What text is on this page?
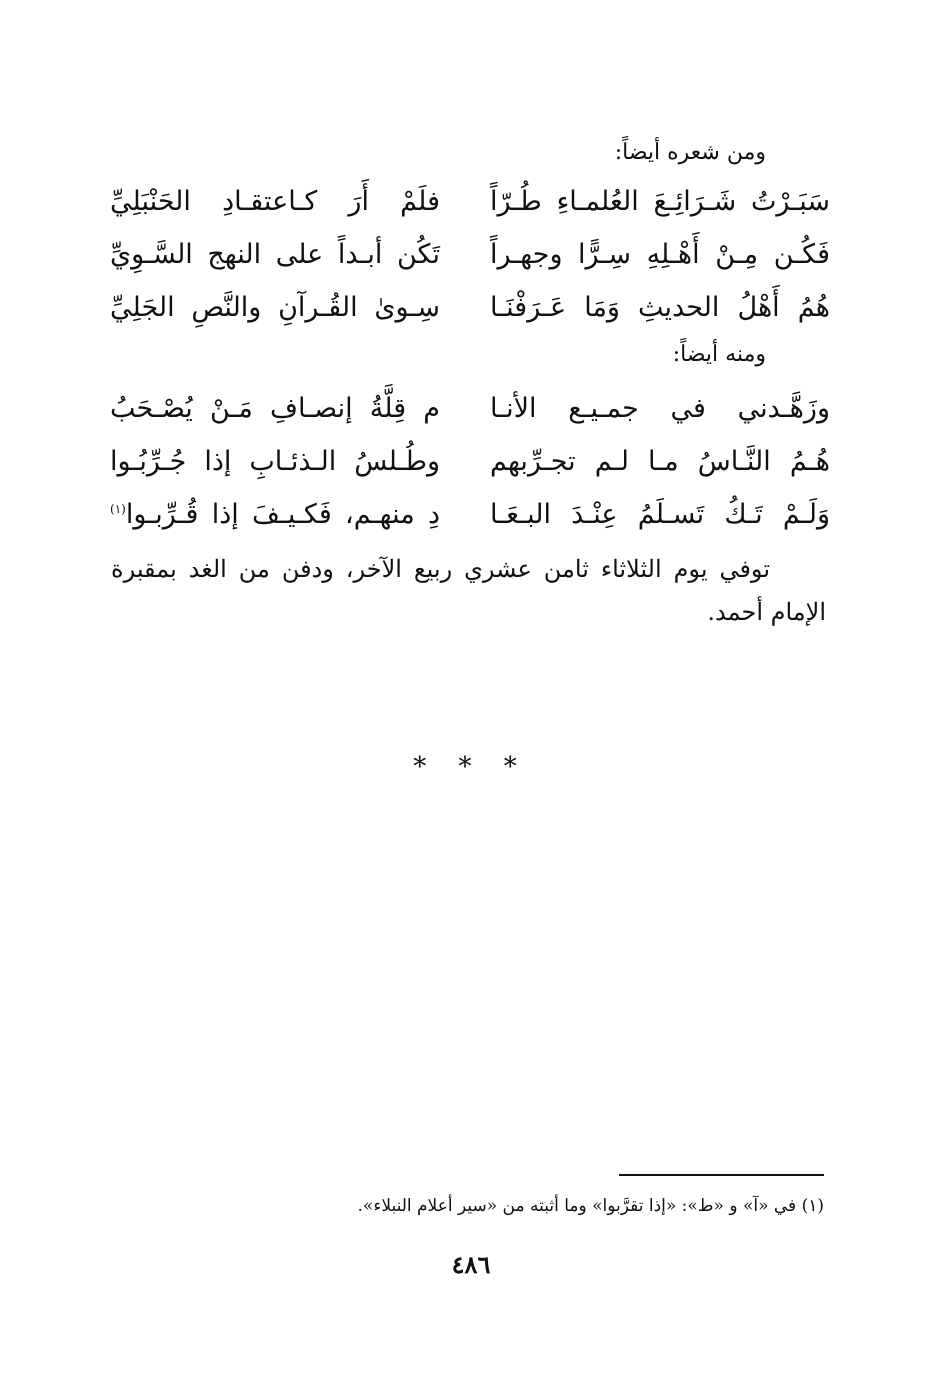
ومن شعره أيضاً:
سَبَـرْتُ شَـرَائِـعَ العُلمـاءِ طُـرّاً
فلَمْ أَرَ كـاعتقـادِ الحَنْبَلِيِّ
فَكُـن مِـنْ أَهْـلِهِ سِـرًّا وجهـراً
تَكُن أبـداً على النهج السَّـوِيِّ
هُمُ أَهْلُ الحديثِ وَمَا عَـرَفْنَـا
سِـوىٰ القُـرآنِ والنَّصِ الجَلِيِّ
ومنه أيضاً:
وزَهَّـدني في جمـيـع الأنـا
م قِلَّةُ إنصـافِ مَـنْ يُصْـحَبُ
هُـمُ النَّـاسُ مـا لـم تجـرِّبهم
وطُـلسُ الـذئـابِ إذا جُـرِّبُـوا
وَلَـمْ تَـكُ تَسـلَمُ عِنْـدَ البـعَـا
دِ منهـم، فَكـيـفَ إذا قُـرِّبـوا$^{(١)}$
توفي يوم الثلاثاء ثامن عشري ربيع الآخر، ودفن من الغد بمقبرة الإمام أحمد.
* * *
(١) في «آ» و «ط»: «إذا تقرَّبوا» وما أثبته من «سير أعلام النبلاء».
٤٨٦
